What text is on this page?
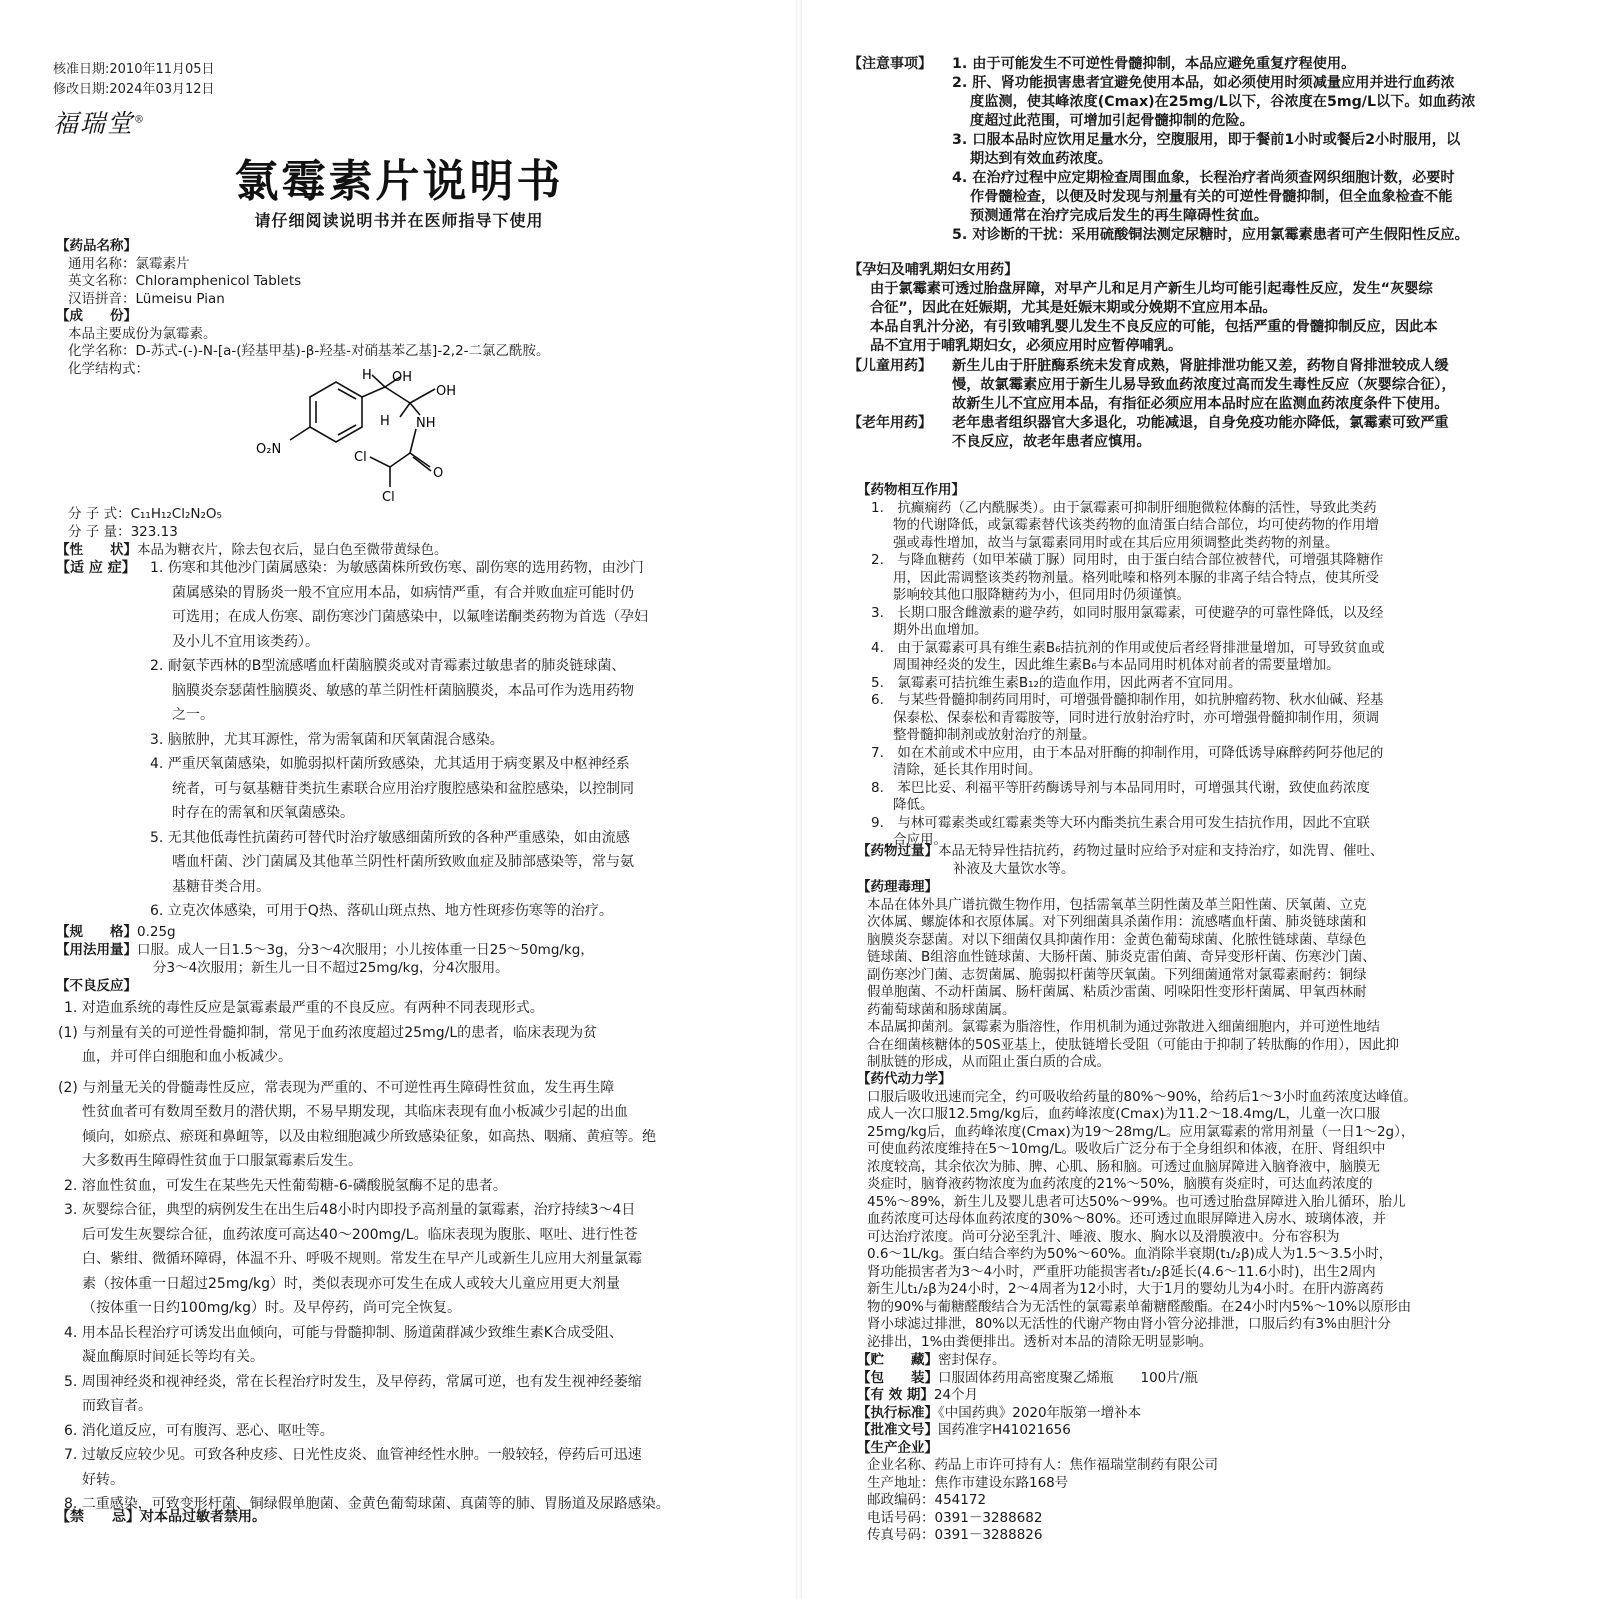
核准日期:2010年11月05日
修改日期:2024年03月12日
福瑞堂®
氯霉素片说明书
请仔细阅读说明书并在医师指导下使用
【药品名称】
通用名称：氯霉素片
英文名称：Chloramphenicol Tablets
汉语拼音：Lümeisu Pian
【成　　份】
本品主要成份为氯霉素。
化学名称：D-苏式-(-)-N-[a-(羟基甲基)-β-羟基-对硝基苯乙基]-2,2-二氯乙酰胺。
化学结构式：	H OH
OH
H NH
O₂N
Cl
O
Cl
分 子 式：C₁₁H₁₂Cl₂N₂O₅
分 子 量：323.13
【性　　状】本品为糖衣片，除去包衣后，显白色至微带黄绿色。
【适 应 症】 1. 伤寒和其他沙门菌属感染：为敏感菌株所致伤寒、副伤寒的选用药物，由沙门
菌属感染的胃肠炎一般不宜应用本品，如病情严重，有合并败血症可能时仍
可选用；在成人伤寒、副伤寒沙门菌感染中，以氟喹诺酮类药物为首选（孕妇
及小儿不宜用该类药）。
2. 耐氨苄西林的B型流感嗜血杆菌脑膜炎或对青霉素过敏患者的肺炎链球菌、
脑膜炎奈瑟菌性脑膜炎、敏感的革兰阴性杆菌脑膜炎，本品可作为选用药物
之一。
3. 脑脓肿，尤其耳源性，常为需氧菌和厌氧菌混合感染。
4. 严重厌氧菌感染，如脆弱拟杆菌所致感染，尤其适用于病变累及中枢神经系
统者，可与氨基糖苷类抗生素联合应用治疗腹腔感染和盆腔感染，以控制同
时存在的需氧和厌氧菌感染。
5. 无其他低毒性抗菌药可替代时治疗敏感细菌所致的各种严重感染，如由流感
嗜血杆菌、沙门菌属及其他革兰阴性杆菌所致败血症及肺部感染等，常与氨
基糖苷类合用。
6. 立克次体感染，可用于Q热、落矶山斑点热、地方性斑疹伤寒等的治疗。
【规　　格】0.25g
【用法用量】口服。成人一日1.5～3g，分3～4次服用；小儿按体重一日25～50mg/kg，
分3～4次服用；新生儿一日不超过25mg/kg，分4次服用。
【不良反应】
1. 对造血系统的毒性反应是氯霉素最严重的不良反应。有两种不同表现形式。
(1) 与剂量有关的可逆性骨髓抑制，常见于血药浓度超过25mg/L的患者，临床表现为贫
血，并可伴白细胞和血小板减少。
(2) 与剂量无关的骨髓毒性反应，常表现为严重的、不可逆性再生障碍性贫血，发生再生障
性贫血者可有数周至数月的潜伏期，不易早期发现，其临床表现有血小板减少引起的出血
倾向，如瘀点、瘀斑和鼻衄等，以及由粒细胞减少所致感染征象，如高热、咽痛、黄疸等。绝
大多数再生障碍性贫血于口服氯霉素后发生。
2. 溶血性贫血，可发生在某些先天性葡萄糖-6-磷酸脱氢酶不足的患者。
3. 灰婴综合征，典型的病例发生在出生后48小时内即投予高剂量的氯霉素，治疗持续3～4日
后可发生灰婴综合征，血药浓度可高达40～200mg/L。临床表现为腹胀、呕吐、进行性苍
白、紫绀、微循环障碍，体温不升、呼吸不规则。常发生在早产儿或新生儿应用大剂量氯霉
素（按体重一日超过25mg/kg）时，类似表现亦可发生在成人或较大儿童应用更大剂量
（按体重一日约100mg/kg）时。及早停药，尚可完全恢复。
4. 用本品长程治疗可诱发出血倾向，可能与骨髓抑制、肠道菌群减少致维生素K合成受阻、
凝血酶原时间延长等均有关。
5. 周围神经炎和视神经炎，常在长程治疗时发生，及早停药，常属可逆，也有发生视神经萎缩
而致盲者。
6. 消化道反应，可有腹泻、恶心、呕吐等。
7. 过敏反应较少见。可致各种皮疹、日光性皮炎、血管神经性水肿。一般较轻，停药后可迅速
好转。
8. 二重感染，可致变形杆菌、铜绿假单胞菌、金黄色葡萄球菌、真菌等的肺、胃肠道及尿路感染。
【禁　　忌】对本品过敏者禁用。
【注意事项】 1. 由于可能发生不可逆性骨髓抑制，本品应避免重复疗程使用。
2. 肝、肾功能损害患者宜避免使用本品，如必须使用时须减量应用并进行血药浓
度监测，使其峰浓度(Cmax)在25mg/L以下，谷浓度在5mg/L以下。如血药浓
度超过此范围，可增加引起骨髓抑制的危险。
3. 口服本品时应饮用足量水分，空腹服用，即于餐前1小时或餐后2小时服用，以
期达到有效血药浓度。
4. 在治疗过程中应定期检查周围血象，长程治疗者尚须查网织细胞计数，必要时
作骨髓检查，以便及时发现与剂量有关的可逆性骨髓抑制，但全血象检查不能
预测通常在治疗完成后发生的再生障碍性贫血。
5. 对诊断的干扰：采用硫酸铜法测定尿糖时，应用氯霉素患者可产生假阳性反应。
【孕妇及哺乳期妇女用药】
由于氯霉素可透过胎盘屏障，对早产儿和足月产新生儿均可能引起毒性反应，发生“灰婴综
合征”，因此在妊娠期，尤其是妊娠末期或分娩期不宜应用本品。
本品自乳汁分泌，有引致哺乳婴儿发生不良反应的可能，包括严重的骨髓抑制反应，因此本
品不宜用于哺乳期妇女，必须应用时应暂停哺乳。
【儿童用药】 新生儿由于肝脏酶系统未发育成熟，肾脏排泄功能又差，药物自肾排泄较成人缓
慢，故氯霉素应用于新生儿易导致血药浓度过高而发生毒性反应（灰婴综合征），
故新生儿不宜应用本品，有指征必须应用本品时应在监测血药浓度条件下使用。
【老年用药】 老年患者组织器官大多退化，功能减退，自身免疫功能亦降低，氯霉素可致严重
不良反应，故老年患者应慎用。
【药物相互作用】
1.　抗癫痫药（乙内酰脲类）。由于氯霉素可抑制肝细胞微粒体酶的活性，导致此类药
物的代谢降低，或氯霉素替代该类药物的血清蛋白结合部位，均可使药物的作用增
强或毒性增加，故当与氯霉素同用时或在其后应用须调整此类药物的剂量。
2.　与降血糖药（如甲苯磺丁脲）同用时，由于蛋白结合部位被替代，可增强其降糖作
用，因此需调整该类药物剂量。格列吡嗪和格列本脲的非离子结合特点，使其所受
影响较其他口服降糖药为小，但同用时仍须谨慎。
3.　长期口服含雌激素的避孕药，如同时服用氯霉素，可使避孕的可靠性降低，以及经
期外出血增加。
4.　由于氯霉素可具有维生素B₆拮抗剂的作用或使后者经肾排泄量增加，可导致贫血或
周围神经炎的发生，因此维生素B₆与本品同用时机体对前者的需要量增加。
5.　氯霉素可拮抗维生素B₁₂的造血作用，因此两者不宜同用。
6.　与某些骨髓抑制药同用时，可增强骨髓抑制作用，如抗肿瘤药物、秋水仙碱、羟基
保泰松、保泰松和青霉胺等，同时进行放射治疗时，亦可增强骨髓抑制作用，须调
整骨髓抑制剂或放射治疗的剂量。
7.　如在术前或术中应用，由于本品对肝酶的抑制作用，可降低诱导麻醉药阿芬他尼的
清除，延长其作用时间。
8.　苯巴比妥、利福平等肝药酶诱导剂与本品同用时，可增强其代谢，致使血药浓度
降低。
9.　与林可霉素类或红霉素类等大环内酯类抗生素合用可发生拮抗作用，因此不宜联
合应用。
【药物过量】本品无特异性拮抗药，药物过量时应给予对症和支持治疗，如洗胃、催吐、
补液及大量饮水等。
【药理毒理】
本品在体外具广谱抗微生物作用，包括需氧革兰阴性菌及革兰阳性菌、厌氧菌、立克
次体属、螺旋体和衣原体属。对下列细菌具杀菌作用：流感嗜血杆菌、肺炎链球菌和
脑膜炎奈瑟菌。对以下细菌仅具抑菌作用：金黄色葡萄球菌、化脓性链球菌、草绿色
链球菌、B组溶血性链球菌、大肠杆菌、肺炎克雷伯菌、奇异变形杆菌、伤寒沙门菌、
副伤寒沙门菌、志贺菌属、脆弱拟杆菌等厌氧菌。下列细菌通常对氯霉素耐药：铜绿
假单胞菌、不动杆菌属、肠杆菌属、粘质沙雷菌、吲哚阳性变形杆菌属、甲氧西林耐
药葡萄球菌和肠球菌属。
本品属抑菌剂。氯霉素为脂溶性，作用机制为通过弥散进入细菌细胞内，并可逆性地结
合在细菌核糖体的50S亚基上，使肽链增长受阻（可能由于抑制了转肽酶的作用），因此抑
制肽链的形成，从而阻止蛋白质的合成。
【药代动力学】
口服后吸收迅速而完全，约可吸收给药量的80%～90%，给药后1～3小时血药浓度达峰值。
成人一次口服12.5mg/kg后，血药峰浓度(Cmax)为11.2～18.4mg/L，儿童一次口服
25mg/kg后，血药峰浓度(Cmax)为19～28mg/L。应用氯霉素的常用剂量（一日1～2g），
可使血药浓度维持在5～10mg/L。吸收后广泛分布于全身组织和体液，在肝、肾组织中
浓度较高，其余依次为肺、脾、心肌、肠和脑。可透过血脑屏障进入脑脊液中，脑膜无
炎症时，脑脊液药物浓度为血药浓度的21%～50%，脑膜有炎症时，可达血药浓度的
45%～89%，新生儿及婴儿患者可达50%～99%。也可透过胎盘屏障进入胎儿循环，胎儿
血药浓度可达母体血药浓度的30%～80%。还可透过血眼屏障进入房水、玻璃体液，并
可达治疗浓度。尚可分泌至乳汁、唾液、腹水、胸水以及滑膜液中。分布容积为
0.6～1L/kg。蛋白结合率约为50%～60%。血消除半衰期(t₁/₂β)成人为1.5～3.5小时，
肾功能损害者为3～4小时，严重肝功能损害者t₁/₂β延长(4.6～11.6小时)，出生2周内
新生儿t₁/₂β为24小时，2～4周者为12小时，大于1月的婴幼儿为4小时。在肝内游离药
物的90%与葡糖醛酸结合为无活性的氯霉素单葡糖醛酸酯。在24小时内5%～10%以原形由
肾小球滤过排泄，80%以无活性的代谢产物由肾小管分泌排泄，口服后约有3%由胆汁分
泌排出，1%由粪便排出。透析对本品的清除无明显影响。
【贮　　藏】密封保存。
【包　　装】口服固体药用高密度聚乙烯瓶　　100片/瓶
【有 效 期】24个月
【执行标准】《中国药典》2020年版第一增补本
【批准文号】国药准字H41021656
【生产企业】
企业名称、药品上市许可持有人：焦作福瑞堂制药有限公司
生产地址：焦作市建设东路168号
邮政编码：454172
电话号码：0391－3288682
传真号码：0391－3288826
